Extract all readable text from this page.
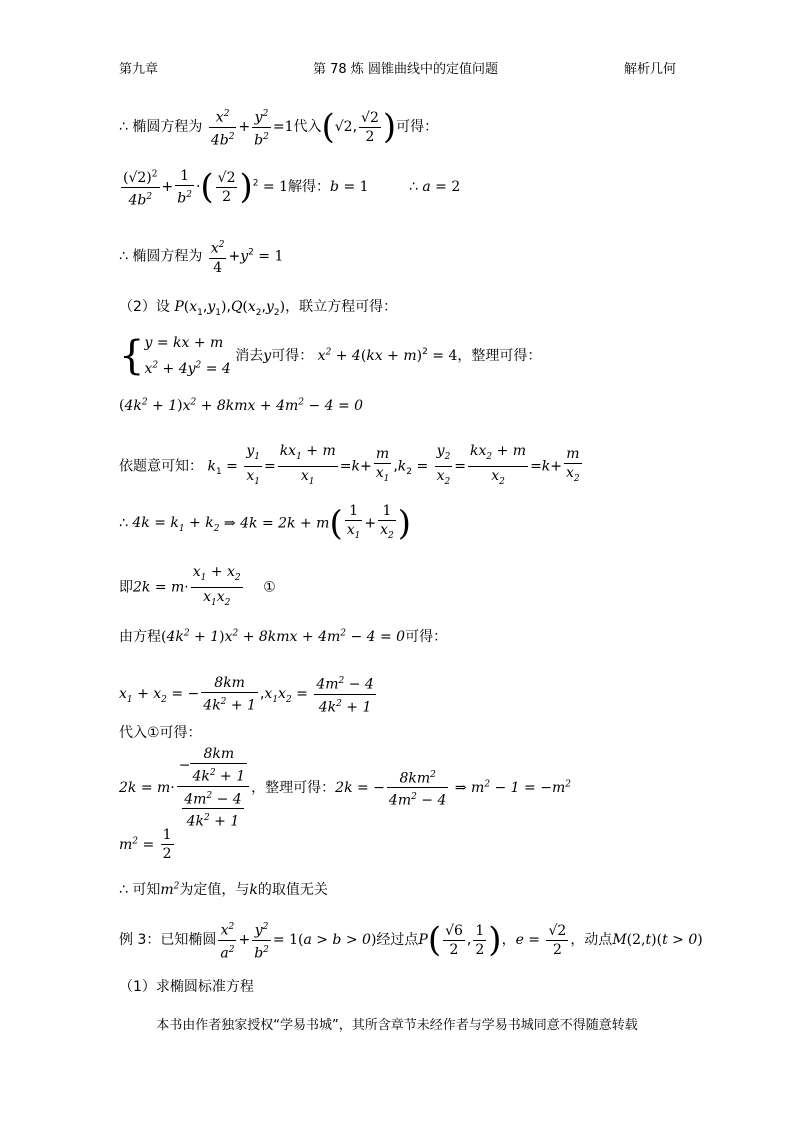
第九章	第 78 炼 圆锥曲线中的定值问题	解析几何
∴ 椭圆方程为 $\frac{x^2}{4b^2} + \frac{y^2}{b^2} =1$代入(√2, $\frac{√2}{2}$ )可得：
$\frac{(√2)^2}{4b^2} + \frac{1}{b^2}$ ·( $\frac{√2}{2} )^2 = 1$解得：b = 1	∴ a = 2
∴ 椭圆方程为 $\frac{x^2}{4} +y^2 = 1$
（2）设 $P(x_1,y_1),Q(x_2,y_2)$，联立方程可得：
{y = kx + m
$x^2 + 4y^2 = 4$ 消去y可得： $x^2 + 4(kx + m)^2 = 4$，整理可得：
$(4k^2 + 1)x^2 + 8kmx + 4m^2 - 4 = 0$
依题意可知： $k_1 = \frac{y_1}{x_1} = \frac{kx_1 + m}{x_1} =k+ \frac{m}{x_1} ,k_2 = \frac{y_2}{x_2} = \frac{kx_2 + m}{x_2} =k+ \frac{m}{x_2}$
∴ $4k = k_1 + k_2$ ⇒ $4k = 2k + m( \frac{1}{x_1} + \frac{1}{x_2}$ )
即$2k = m\cdot \frac{x_1 + x_2}{x_1x_2}$ ①
由方程$(4k^2 + 1)x^2 + 8kmx + 4m^2 - 4 = 0$可得：
$x_1 + x_2$ = − $\frac{8km}{4k^2 + 1} ,x_1x_2 = \frac{4m^2 - 4}{4k^2 + 1}$
代入①可得：
$2k = m\cdot \frac{- \frac{8km}{4k^2 + 1}}{\frac{4m^2 - 4}{4k^2 + 1}}$ ，整理可得：2k = − $\frac{8km^2}{4m^2 - 4}$ ⇒ $m^2 - 1 = -m^2$
$m^2 = \frac{1}{2}$
∴ 可知$m^2$为定值，与k的取值无关
例 3：已知椭圆 $\frac{x^2}{a^2} + \frac{y^2}{b^2} = 1(a > b > 0)$经过点$P( \frac{√6}{2}$ , $\frac{1}{2}$ )，$e = \frac{√2}{2}$ ，动点M(2,t)(t > 0)
（1）求椭圆标准方程
本书由作者独家授权“学易书城”，其所含章节未经作者与学易书城同意不得随意转载
